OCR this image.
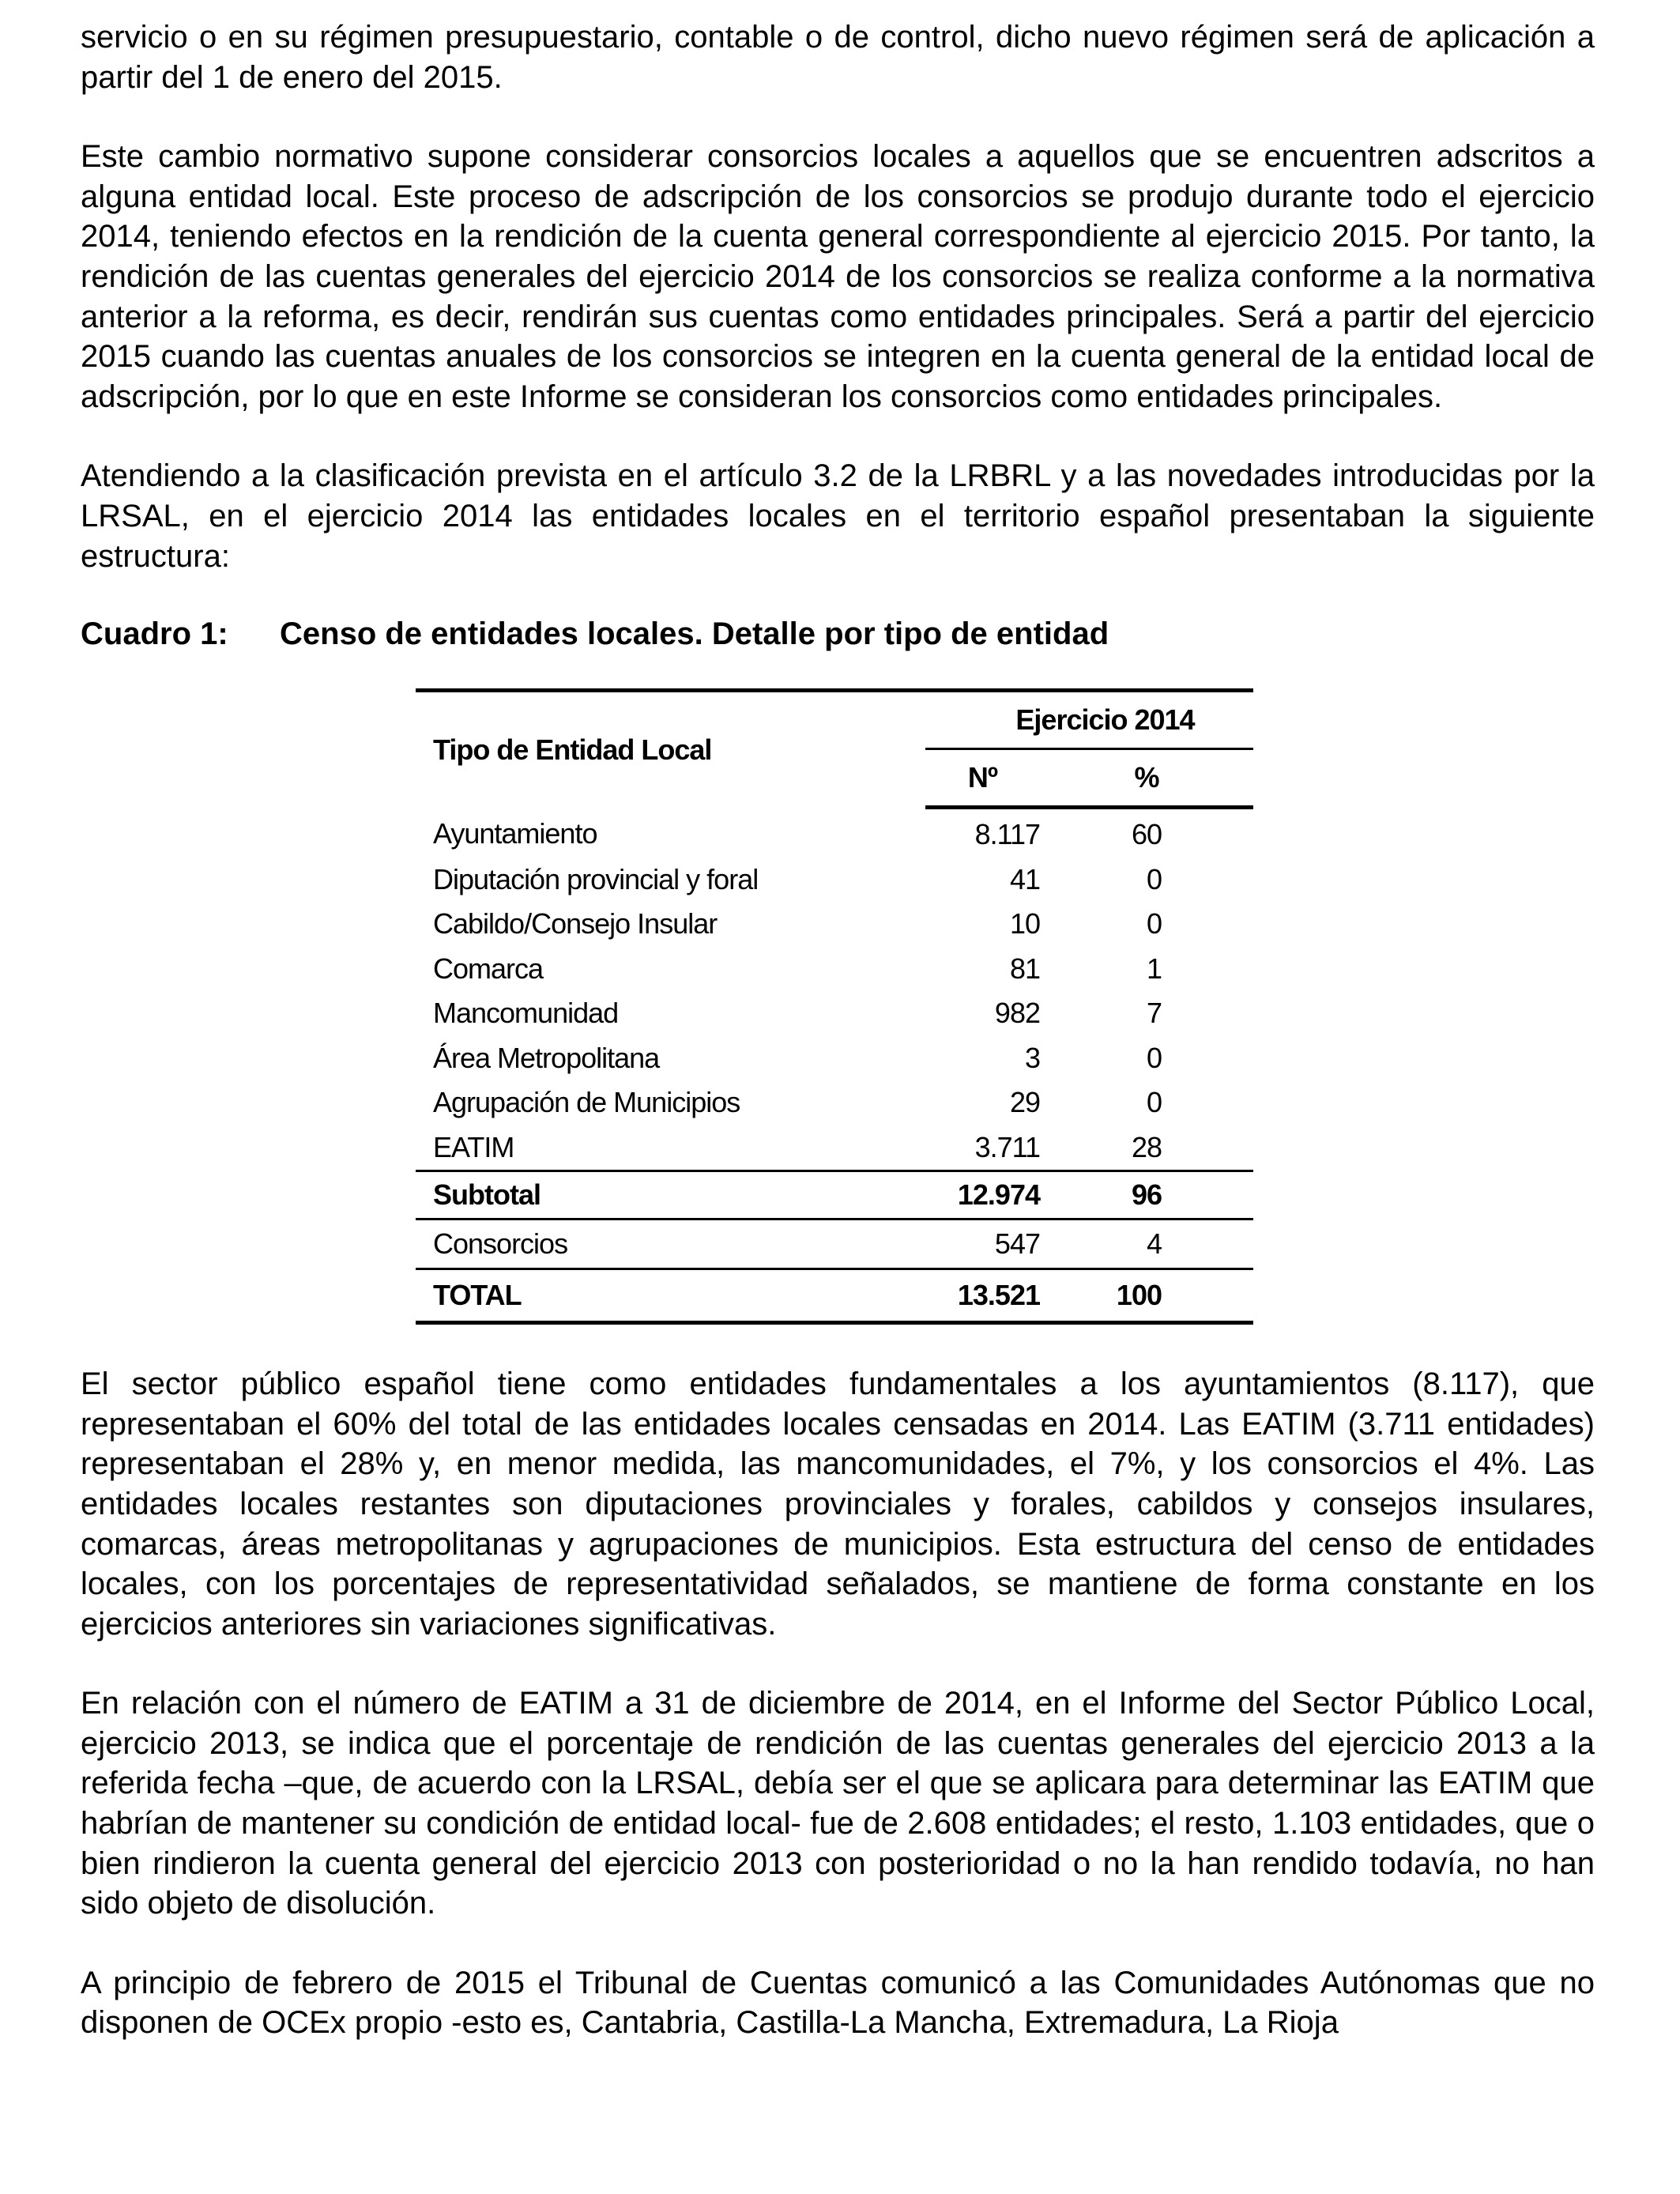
servicio o en su régimen presupuestario, contable o de control, dicho nuevo régimen será de aplicación a partir del 1 de enero del 2015.

Este cambio normativo supone considerar consorcios locales a aquellos que se encuentren adscritos a alguna entidad local. Este proceso de adscripción de los consorcios se produjo durante todo el ejercicio 2014, teniendo efectos en la rendición de la cuenta general correspondiente al ejercicio 2015. Por tanto, la rendición de las cuentas generales del ejercicio 2014 de los consorcios se realiza conforme a la normativa anterior a la reforma, es decir, rendirán sus cuentas como entidades principales. Será a partir del ejercicio 2015 cuando las cuentas anuales de los consorcios se integren en la cuenta general de la entidad local de adscripción, por lo que en este Informe se consideran los consorcios como entidades principales.

Atendiendo a la clasificación prevista en el artículo 3.2 de la LRBRL y a las novedades introducidas por la LRSAL, en el ejercicio 2014 las entidades locales en el territorio español presentaban la siguiente estructura:

Cuadro 1:	Censo de entidades locales. Detalle por tipo de entidad
Tipo de Entidad Local	Ejercicio 2014	
	Nº	%
Ayuntamiento	8.117	60
Diputación provincial y foral	41	0
Cabildo/Consejo Insular	10	0
Comarca	81	1
Mancomunidad	982	7
Área Metropolitana	3	0
Agrupación de Municipios	29	0
EATIM	3.711	28
Subtotal	12.974	96
Consorcios	547	4
TOTAL	13.521	100

El sector público español tiene como entidades fundamentales a los ayuntamientos (8.117), que representaban el 60% del total de las entidades locales censadas en 2014. Las EATIM (3.711 entidades) representaban el 28% y, en menor medida, las mancomunidades, el 7%, y los consorcios el 4%. Las entidades locales restantes son diputaciones provinciales y forales, cabildos y consejos insulares, comarcas, áreas metropolitanas y agrupaciones de municipios. Esta estructura del censo de entidades locales, con los porcentajes de representatividad señalados, se mantiene de forma constante en los ejercicios anteriores sin variaciones significativas.

En relación con el número de EATIM a 31 de diciembre de 2014, en el Informe del Sector Público Local, ejercicio 2013, se indica que el porcentaje de rendición de las cuentas generales del ejercicio 2013 a la referida fecha –que, de acuerdo con la LRSAL, debía ser el que se aplicara para determinar las EATIM que habrían de mantener su condición de entidad local- fue de 2.608 entidades; el resto, 1.103 entidades, que o bien rindieron la cuenta general del ejercicio 2013 con posterioridad o no la han rendido todavía, no han sido objeto de disolución.

A principio de febrero de 2015 el Tribunal de Cuentas comunicó a las Comunidades Autónomas que no disponen de OCEx propio -esto es, Cantabria, Castilla-La Mancha, Extremadura, La Rioja
